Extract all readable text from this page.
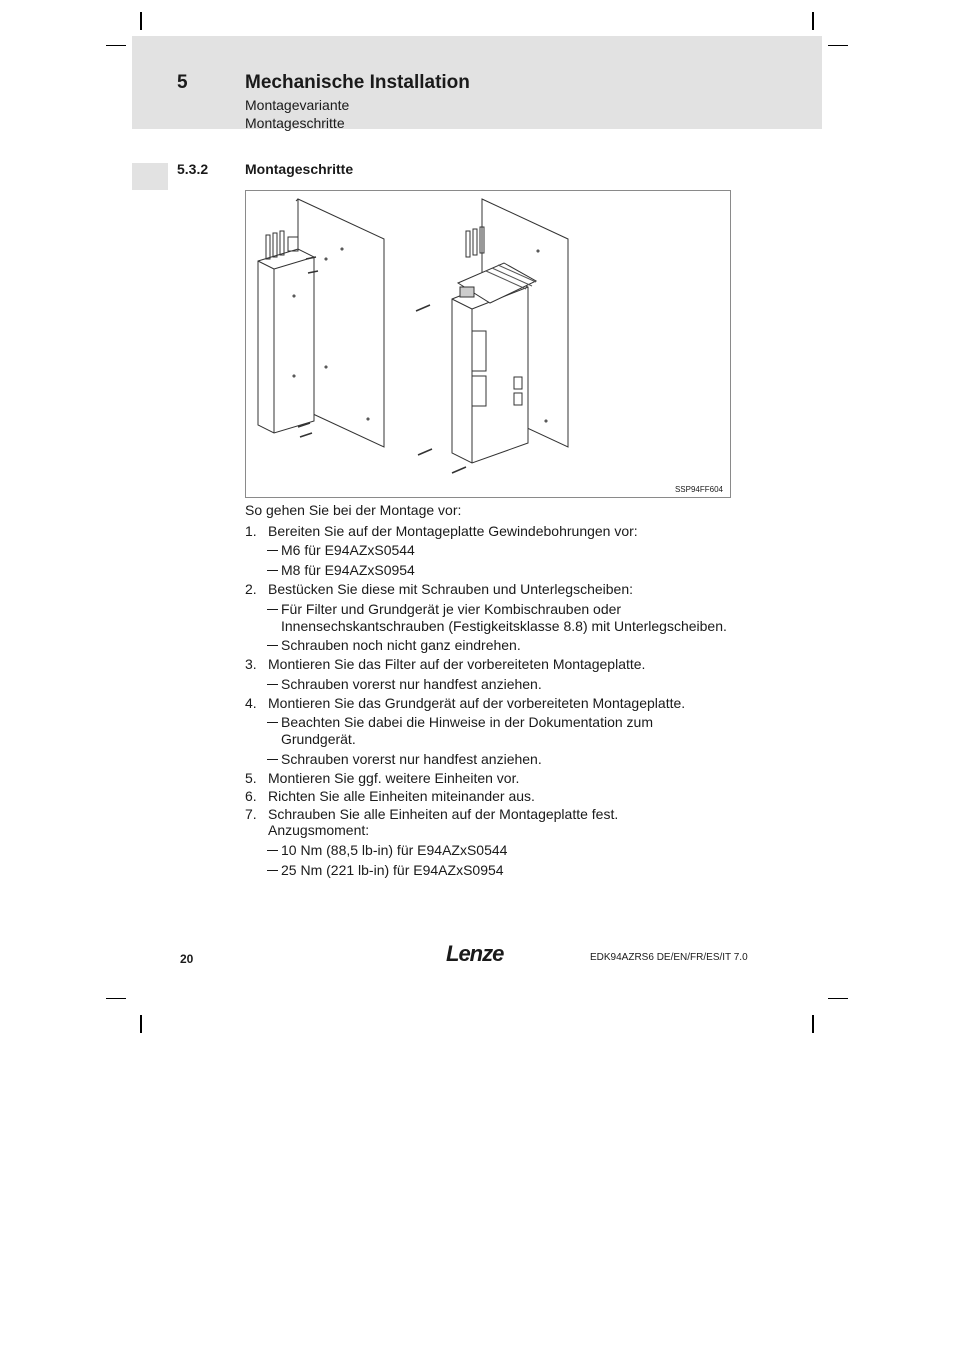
5	Mechanische Installation
Montagevariante
Montageschritte
5.3.2	Montageschritte
SSP94FF604
So gehen Sie bei der Montage vor:
1. Bereiten Sie auf der Montageplatte Gewindebohrungen vor:
M6 für E94AZxS0544
M8 für E94AZxS0954
2. Bestücken Sie diese mit Schrauben und Unterlegscheiben:
Für Filter und Grundgerät je vier Kombischrauben oder
Innensechskantschrauben (Festigkeitsklasse 8.8) mit Unterlegscheiben.
Schrauben noch nicht ganz eindrehen.
3. Montieren Sie das Filter auf der vorbereiteten Montageplatte.
Schrauben vorerst nur handfest anziehen.
4. Montieren Sie das Grundgerät auf der vorbereiteten Montageplatte.
Beachten Sie dabei die Hinweise in der Dokumentation zum
Grundgerät.
Schrauben vorerst nur handfest anziehen.
5. Montieren Sie ggf. weitere Einheiten vor.
6. Richten Sie alle Einheiten miteinander aus.
7. Schrauben Sie alle Einheiten auf der Montageplatte fest.
Anzugsmoment:
10 Nm (88,5 lb-in) für E94AZxS0544
25 Nm (221 lb-in) für E94AZxS0954
20	Lenze	EDK94AZRS6 DE/EN/FR/ES/IT 7.0
